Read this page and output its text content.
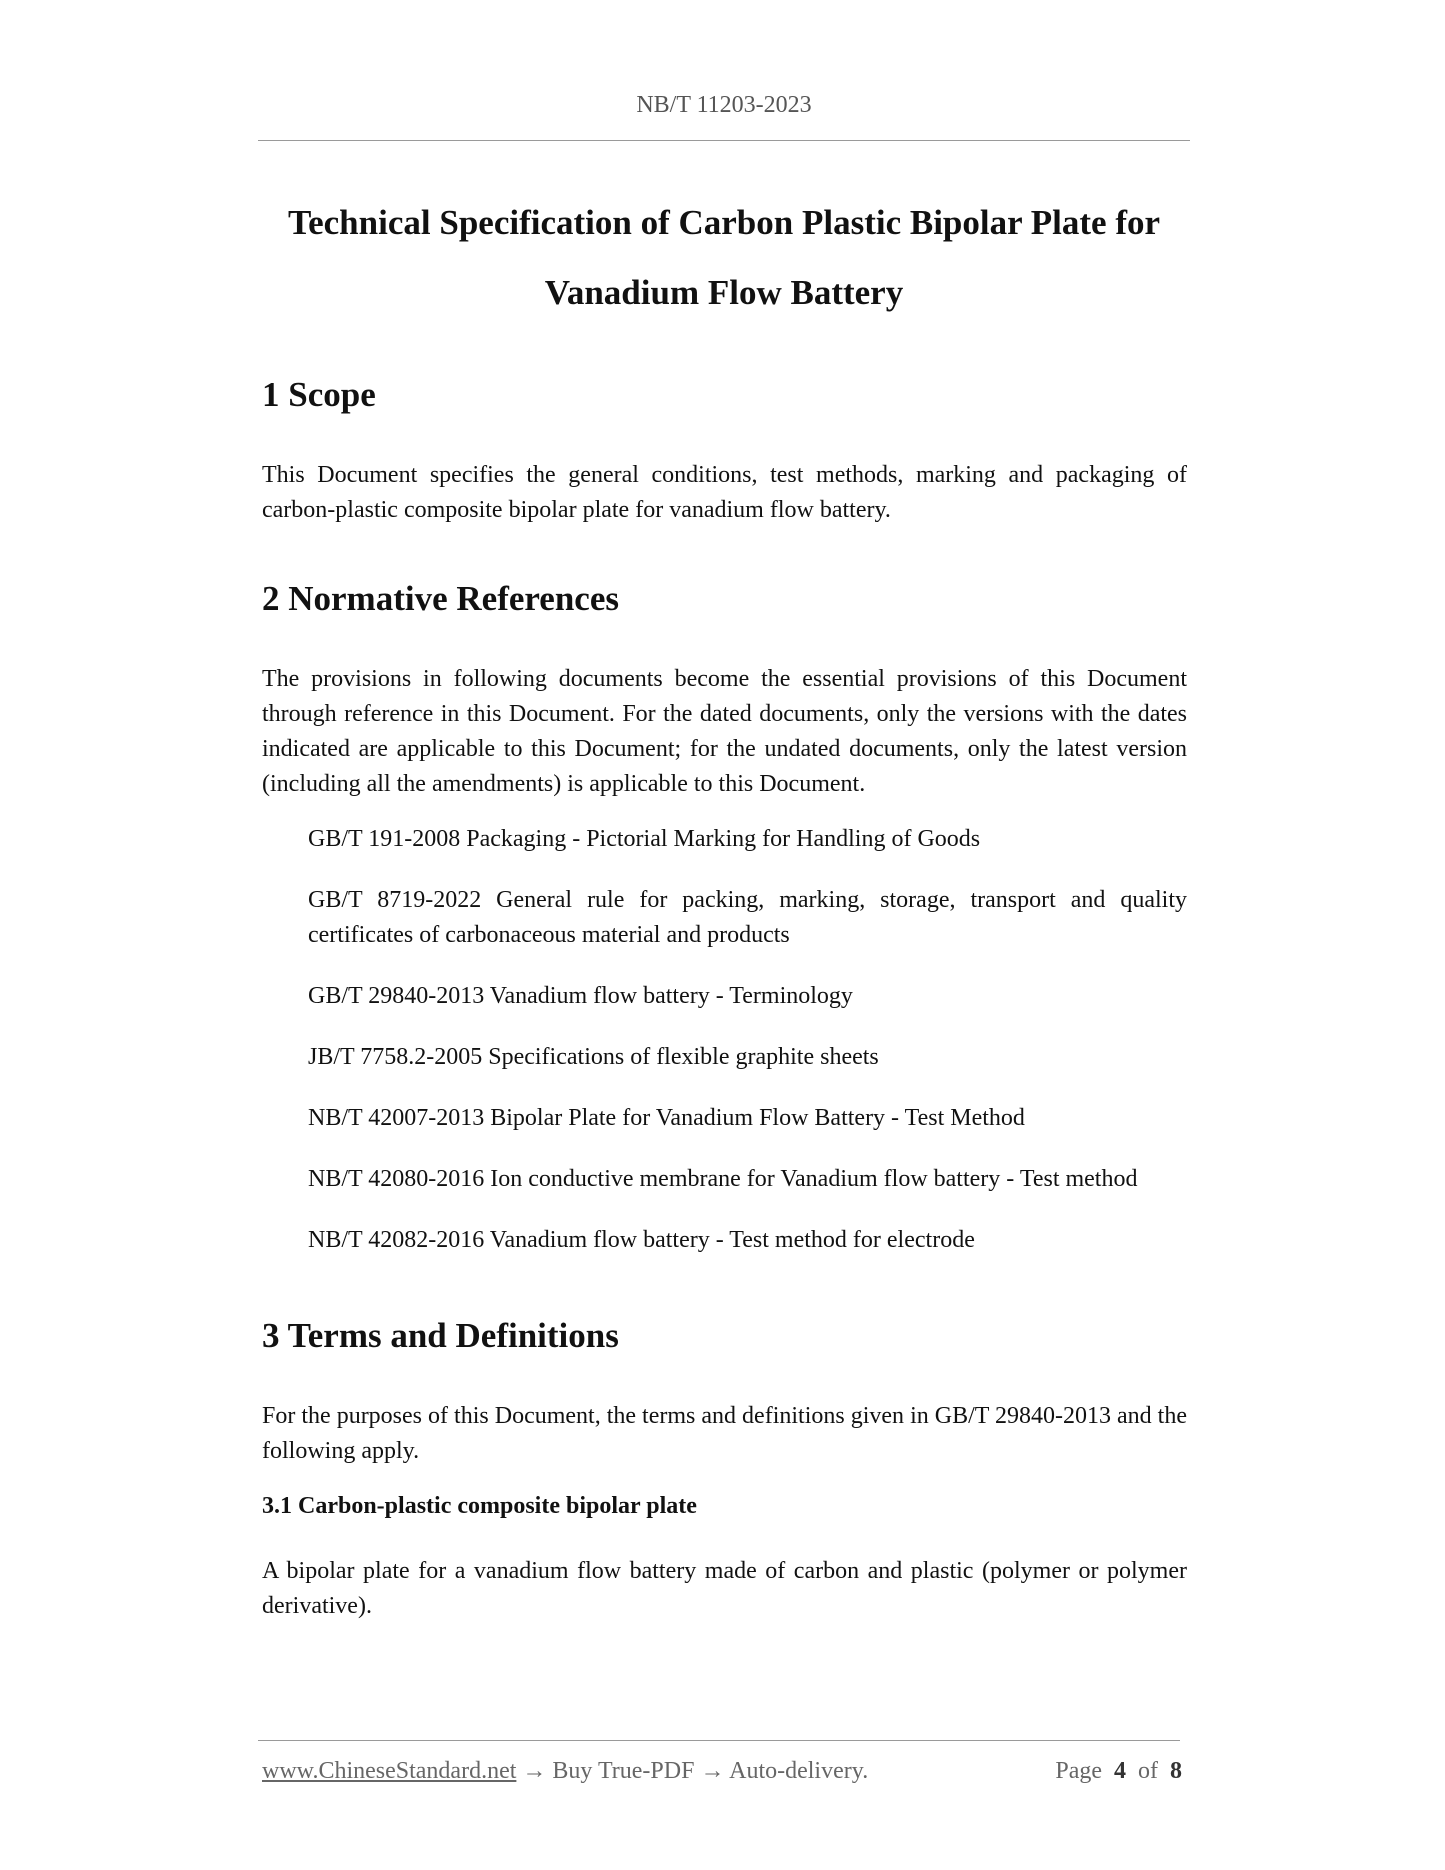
NB/T 11203-2023
Technical Specification of Carbon Plastic Bipolar Plate for
Vanadium Flow Battery
1 Scope
This Document specifies the general conditions, test methods, marking and packaging of carbon-plastic composite bipolar plate for vanadium flow battery.
2 Normative References
The provisions in following documents become the essential provisions of this Document through reference in this Document. For the dated documents, only the versions with the dates indicated are applicable to this Document; for the undated documents, only the latest version (including all the amendments) is applicable to this Document.
GB/T 191-2008 Packaging - Pictorial Marking for Handling of Goods
GB/T 8719-2022 General rule for packing, marking, storage, transport and quality certificates of carbonaceous material and products
GB/T 29840-2013 Vanadium flow battery - Terminology
JB/T 7758.2-2005 Specifications of flexible graphite sheets
NB/T 42007-2013 Bipolar Plate for Vanadium Flow Battery - Test Method
NB/T 42080-2016 Ion conductive membrane for Vanadium flow battery - Test method
NB/T 42082-2016 Vanadium flow battery - Test method for electrode
3 Terms and Definitions
For the purposes of this Document, the terms and definitions given in GB/T 29840-2013 and the following apply.
3.1 Carbon-plastic composite bipolar plate
A bipolar plate for a vanadium flow battery made of carbon and plastic (polymer or polymer derivative).
www.ChineseStandard.net → Buy True-PDF → Auto-delivery.	Page 4 of 8
